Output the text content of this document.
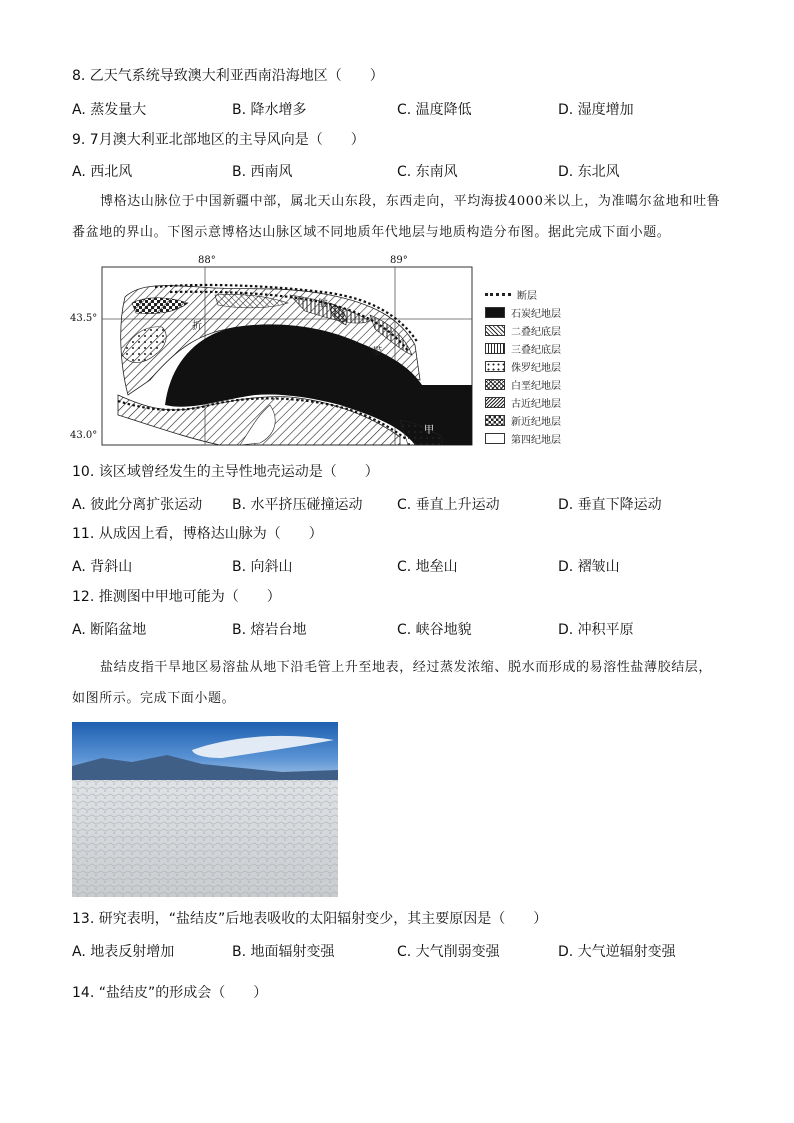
8. 乙天气系统导致澳大利亚西南沿海地区（　　）
A. 蒸发量大	B. 降水增多	C. 温度降低	D. 湿度增加
9. 7月澳大利亚北部地区的主导风向是（　　）
A. 西北风	B. 西南风	C. 东南风	D. 东北风
博格达山脉位于中国新疆中部，属北天山东段，东西走向，平均海拔4000米以上，为准噶尔盆地和吐鲁番盆地的界山。下图示意博格达山脉区域不同地质年代地层与地质构造分布图。据此完成下面小题。
88°	89°
43.5°
43.0°
折
皱
带
甲
断层
石炭纪地层
二叠纪底层
三叠纪底层
侏罗纪地层
白垩纪地层
古近纪地层
新近纪地层
第四纪地层
10. 该区域曾经发生的主导性地壳运动是（　　）
A. 彼此分离扩张运动 B. 水平挤压碰撞运动 C. 垂直上升运动	D. 垂直下降运动
11. 从成因上看，博格达山脉为（　　）
A. 背斜山	B. 向斜山	C. 地垒山	D. 褶皱山
12. 推测图中甲地可能为（　　）
A. 断陷盆地	B. 熔岩台地	C. 峡谷地貌	D. 冲积平原
盐结皮指干旱地区易溶盐从地下沿毛管上升至地表，经过蒸发浓缩、脱水而形成的易溶性盐薄胶结层，如图所示。完成下面小题。
13. 研究表明，“盐结皮”后地表吸收的太阳辐射变少，其主要原因是（　　）
A. 地表反射增加	B. 地面辐射变强	C. 大气削弱变强	D. 大气逆辐射变强
14. “盐结皮”的形成会（　　）
